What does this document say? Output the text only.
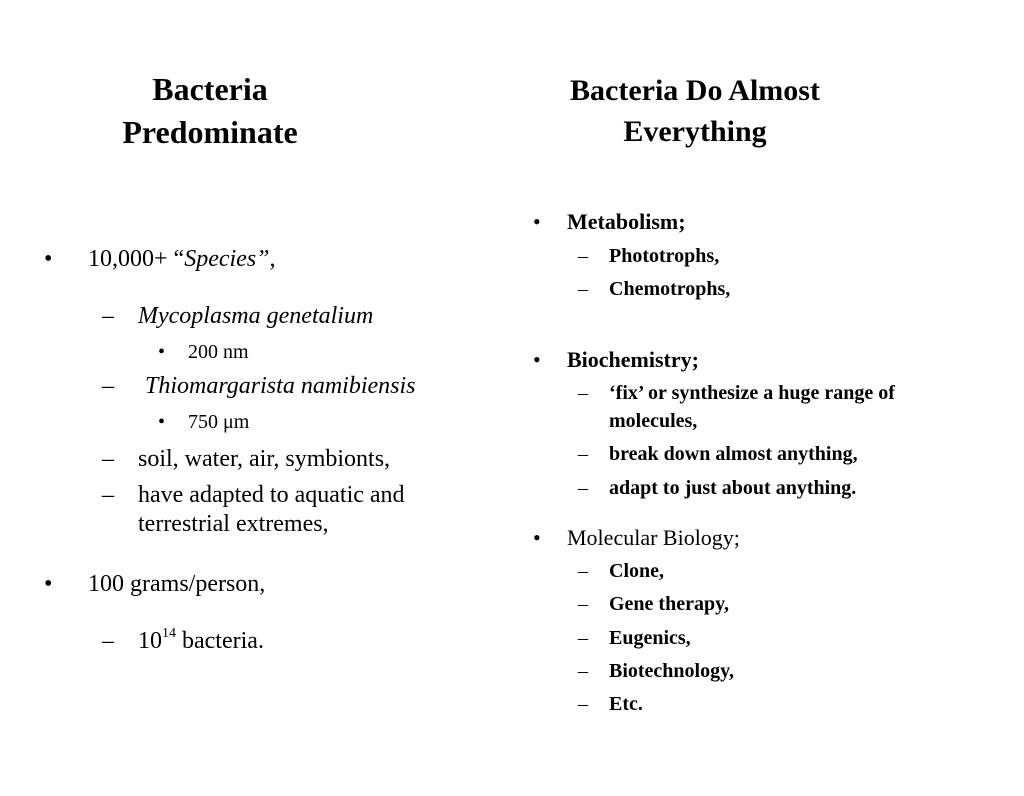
Bacteria
Predominate
Bacteria Do Almost
Everything
• 10,000+ “Species”,
– Mycoplasma genetalium
• 200 nm
– Thiomargarista namibiensis
• 750 μm
– soil, water, air, symbionts,
– have adapted to aquatic and
terrestrial extremes,
• 100 grams/person,
– $10^{14}$ bacteria.
• Metabolism;
– Phototrophs,
– Chemotrophs,
• Biochemistry;
– ‘fix’ or synthesize a huge range of
molecules,
– break down almost anything,
– adapt to just about anything.
• Molecular Biology;
– Clone,
– Gene therapy,
– Eugenics,
– Biotechnology,
– Etc.
